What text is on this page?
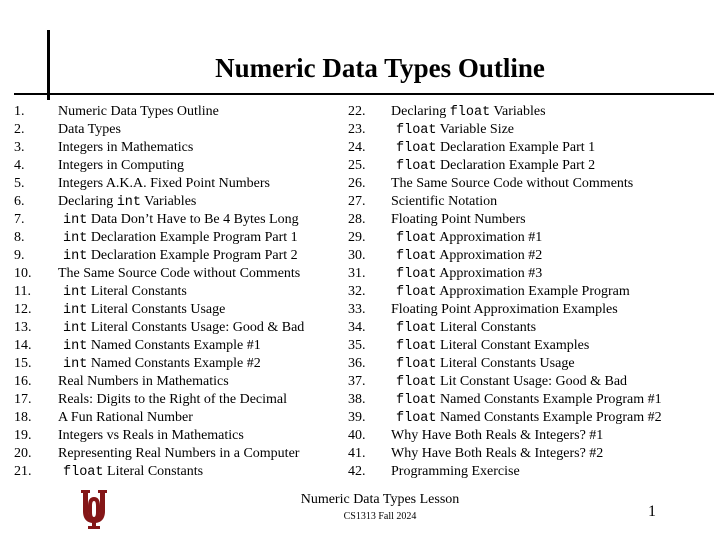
Numeric Data Types Outline
1.	Numeric Data Types Outline
2.	Data Types
3.	Integers in Mathematics
4.	Integers in Computing
5.	Integers A.K.A. Fixed Point Numbers
6.	Declaring int Variables
7.	int Data Don’t Have to Be 4 Bytes Long
8.	int Declaration Example Program Part 1
9.	int Declaration Example Program Part 2
10.	The Same Source Code without Comments
11.	int Literal Constants
12.	int Literal Constants Usage
13.	int Literal Constants Usage: Good & Bad
14.	int Named Constants Example #1
15.	int Named Constants Example #2
16.	Real Numbers in Mathematics
17.	Reals: Digits to the Right of the Decimal
18.	A Fun Rational Number
19.	Integers vs Reals in Mathematics
20.	Representing Real Numbers in a Computer
21.	float Literal Constants
22.	Declaring float Variables
23.	float Variable Size
24.	float Declaration Example Part 1
25.	float Declaration Example Part 2
26.	The Same Source Code without Comments
27.	Scientific Notation
28.	Floating Point Numbers
29.	float Approximation #1
30.	float Approximation #2
31.	float Approximation #3
32.	float Approximation Example Program
33.	Floating Point Approximation Examples
34.	float Literal Constants
35.	float Literal Constant Examples
36.	float Literal Constants Usage
37.	float Lit Constant Usage: Good & Bad
38.	float Named Constants Example Program #1
39.	float Named Constants Example Program #2
40.	Why Have Both Reals & Integers? #1
41.	Why Have Both Reals & Integers? #2
42.	Programming Exercise
Numeric Data Types Lesson
CS1313 Fall 2024	1
